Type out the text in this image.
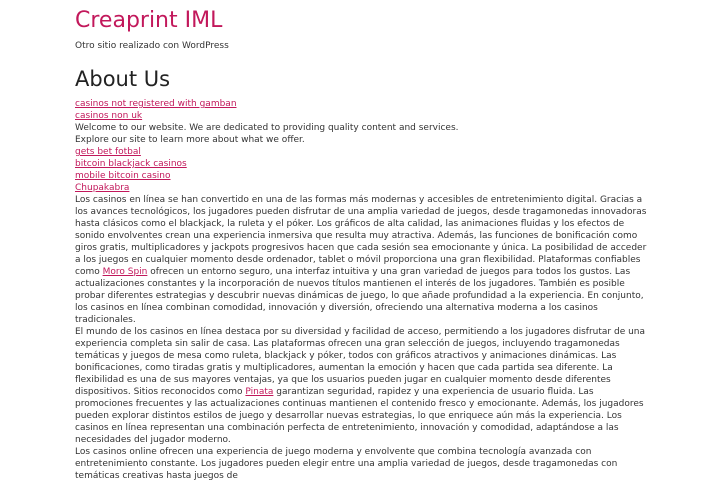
Creaprint IML
Otro sitio realizado con WordPress
About Us
casinos not registered with gamban
casinos non uk
Welcome to our website. We are dedicated to providing quality content and services.
Explore our site to learn more about what we offer.
gets bet fotbal
bitcoin blackjack casinos
mobile bitcoin casino
Chupakabra

Los casinos en línea se han convertido en una de las formas más modernas y accesibles de entretenimiento digital. Gracias a los avances tecnológicos, los jugadores pueden disfrutar de una amplia variedad de juegos, desde tragamonedas innovadoras hasta clásicos como el blackjack, la ruleta y el póker. Los gráficos de alta calidad, las animaciones fluidas y los efectos de sonido envolventes crean una experiencia inmersiva que resulta muy atractiva. Además, las funciones de bonificación como giros gratis, multiplicadores y jackpots progresivos hacen que cada sesión sea emocionante y única. La posibilidad de acceder a los juegos en cualquier momento desde ordenador, tablet o móvil proporciona una gran flexibilidad. Plataformas confiables como Moro Spin ofrecen un entorno seguro, una interfaz intuitiva y una gran variedad de juegos para todos los gustos. Las actualizaciones constantes y la incorporación de nuevos títulos mantienen el interés de los jugadores. También es posible probar diferentes estrategias y descubrir nuevas dinámicas de juego, lo que añade profundidad a la experiencia. En conjunto, los casinos en línea combinan comodidad, innovación y diversión, ofreciendo una alternativa moderna a los casinos tradicionales.

El mundo de los casinos en línea destaca por su diversidad y facilidad de acceso, permitiendo a los jugadores disfrutar de una experiencia completa sin salir de casa. Las plataformas ofrecen una gran selección de juegos, incluyendo tragamonedas temáticas y juegos de mesa como ruleta, blackjack y póker, todos con gráficos atractivos y animaciones dinámicas. Las bonificaciones, como tiradas gratis y multiplicadores, aumentan la emoción y hacen que cada partida sea diferente. La flexibilidad es una de sus mayores ventajas, ya que los usuarios pueden jugar en cualquier momento desde diferentes dispositivos. Sitios reconocidos como Pinata garantizan seguridad, rapidez y una experiencia de usuario fluida. Las promociones frecuentes y las actualizaciones continuas mantienen el contenido fresco y emocionante. Además, los jugadores pueden explorar distintos estilos de juego y desarrollar nuevas estrategias, lo que enriquece aún más la experiencia. Los casinos en línea representan una combinación perfecta de entretenimiento, innovación y comodidad, adaptándose a las necesidades del jugador moderno.

Los casinos online ofrecen una experiencia de juego moderna y envolvente que combina tecnología avanzada con entretenimiento constante. Los jugadores pueden elegir entre una amplia variedad de juegos, desde tragamonedas con temáticas creativas hasta juegos de
